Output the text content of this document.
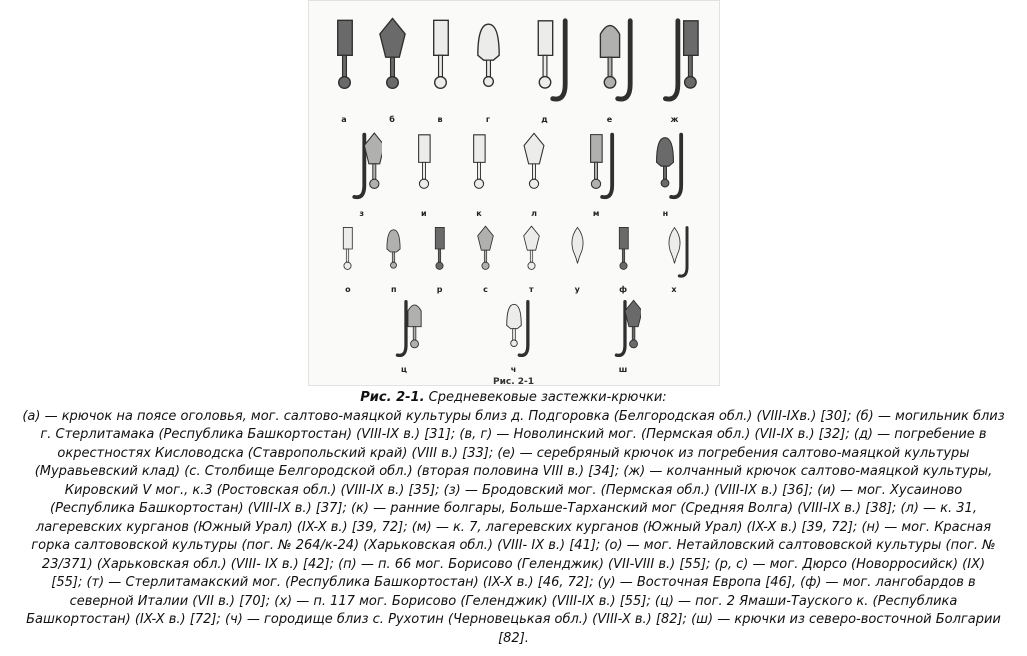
а	б	в	г	д	е	ж
з	и	к	л	м	н
о	п	р	с	т	у	ф	х
ц	ч	ш
Рис. 2-1
Рис. 2-1. Средневековые застежки-крючки:
(а) — крючок на поясе оголовья, мог. салтово-маяцкой культуры близ д. Подгоровка (Белгородская обл.) (VIII-IXв.) [30]; (б) — могильник близ
г. Стерлитамака (Республика Башкортостан) (VIII-IX в.) [31]; (в, г) — Новолинский мог. (Пермская обл.) (VII-IX в.) [32]; (д) — погребение в
окрестностях Кисловодска (Ставропольский край) (VIII в.) [33]; (е) — серебряный крючок из погребения салтово-маяцкой культуры
(Муравьевский клад) (с. Столбище Белгородской обл.) (вторая половина VIII в.) [34]; (ж) — колчанный крючок салтово-маяцкой культуры,
Кировский V мог., к.3 (Ростовская обл.) (VIII-IX в.) [35]; (з) — Бродовский мог. (Пермская обл.) (VIII-IX в.) [36]; (и) — мог. Хусаиново
(Республика Башкортостан) (VIII-IX в.) [37]; (к) — ранние болгары, Больше-Тарханский мог (Средняя Волга) (VIII-IX в.) [38]; (л) — к. 31,
лагеревских курганов (Южный Урал) (IX-X в.) [39, 72]; (м) — к. 7, лагеревских курганов (Южный Урал) (IX-X в.) [39, 72]; (н) — мог. Красная
горка салтововской культуры (пог. № 264/к-24) (Харьковская обл.) (VIII- IX в.) [41]; (о) — мог. Нетайловский салтововской культуры (пог. №
23/371) (Харьковская обл.) (VIII- IX в.) [42]; (п) — п. 66 мог. Борисово (Геленджик) (VII-VIII в.) [55]; (р, с) — мог. Дюрсо (Новорросийск) (IX)
[55]; (т) — Стерлитамакский мог. (Республика Башкортостан) (IX-X в.) [46, 72]; (у) — Восточная Европа [46], (ф) — мог. лангобардов в
северной Италии (VII в.) [70]; (х) — п. 117 мог. Борисово (Геленджик) (VIII-IX в.) [55]; (ц) — пог. 2 Ямаши-Тауского к. (Республика
Башкортостан) (IX-X в.) [72]; (ч) — городище близ с. Рухотин (Черновецькая обл.) (VIII-X в.) [82]; (ш) — крючки из северо-восточной Болгарии
[82].
